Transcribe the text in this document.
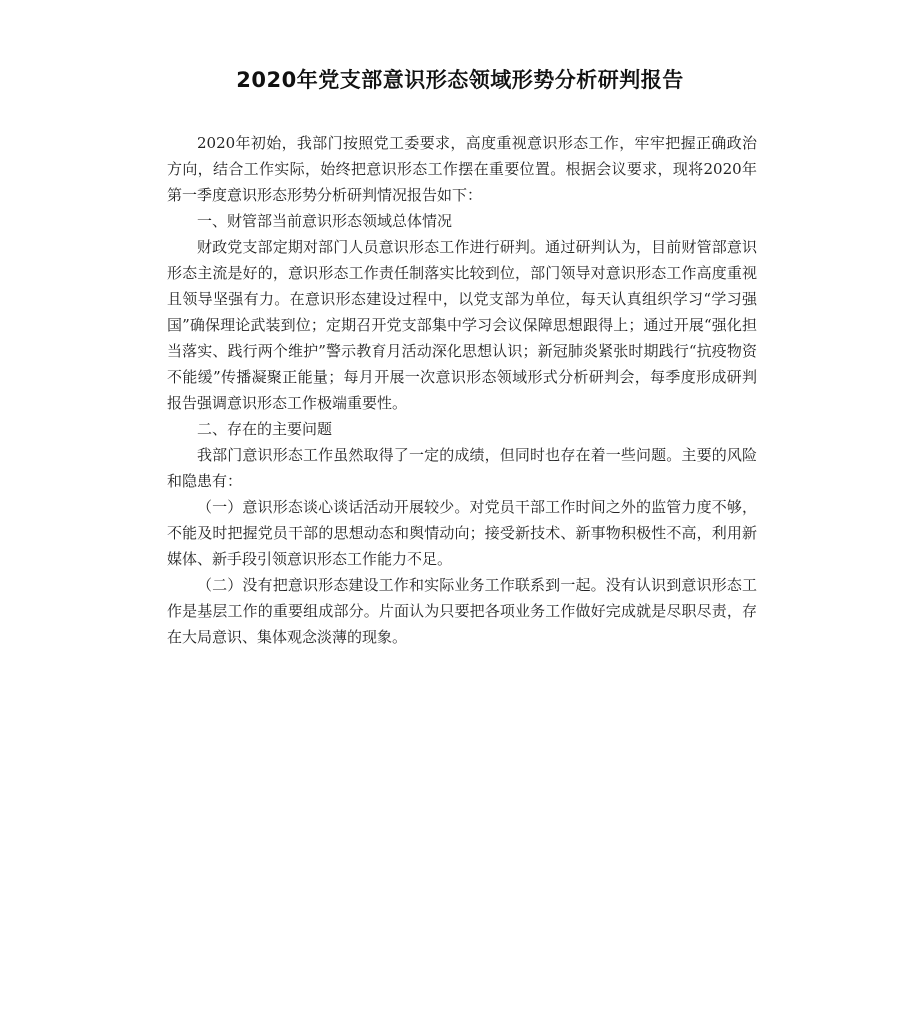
2020年党支部意识形态领域形势分析研判报告

2020年初始，我部门按照党工委要求，高度重视意识形态工作，牢牢把握正确政治方向，结合工作实际，始终把意识形态工作摆在重要位置。根据会议要求，现将2020年第一季度意识形态形势分析研判情况报告如下：

一、财管部当前意识形态领域总体情况

财政党支部定期对部门人员意识形态工作进行研判。通过研判认为，目前财管部意识形态主流是好的，意识形态工作责任制落实比较到位，部门领导对意识形态工作高度重视且领导坚强有力。在意识形态建设过程中，以党支部为单位，每天认真组织学习“学习强国”确保理论武装到位；定期召开党支部集中学习会议保障思想跟得上；通过开展“强化担当落实、践行两个维护”警示教育月活动深化思想认识；新冠肺炎紧张时期践行“抗疫物资不能缓”传播凝聚正能量；每月开展一次意识形态领域形式分析研判会，每季度形成研判报告强调意识形态工作极端重要性。

二、存在的主要问题

我部门意识形态工作虽然取得了一定的成绩，但同时也存在着一些问题。主要的风险和隐患有：

（一）意识形态谈心谈话活动开展较少。对党员干部工作时间之外的监管力度不够，不能及时把握党员干部的思想动态和舆情动向；接受新技术、新事物积极性不高，利用新媒体、新手段引领意识形态工作能力不足。

（二）没有把意识形态建设工作和实际业务工作联系到一起。没有认识到意识形态工作是基层工作的重要组成部分。片面认为只要把各项业务工作做好完成就是尽职尽责，存在大局意识、集体观念淡薄的现象。
